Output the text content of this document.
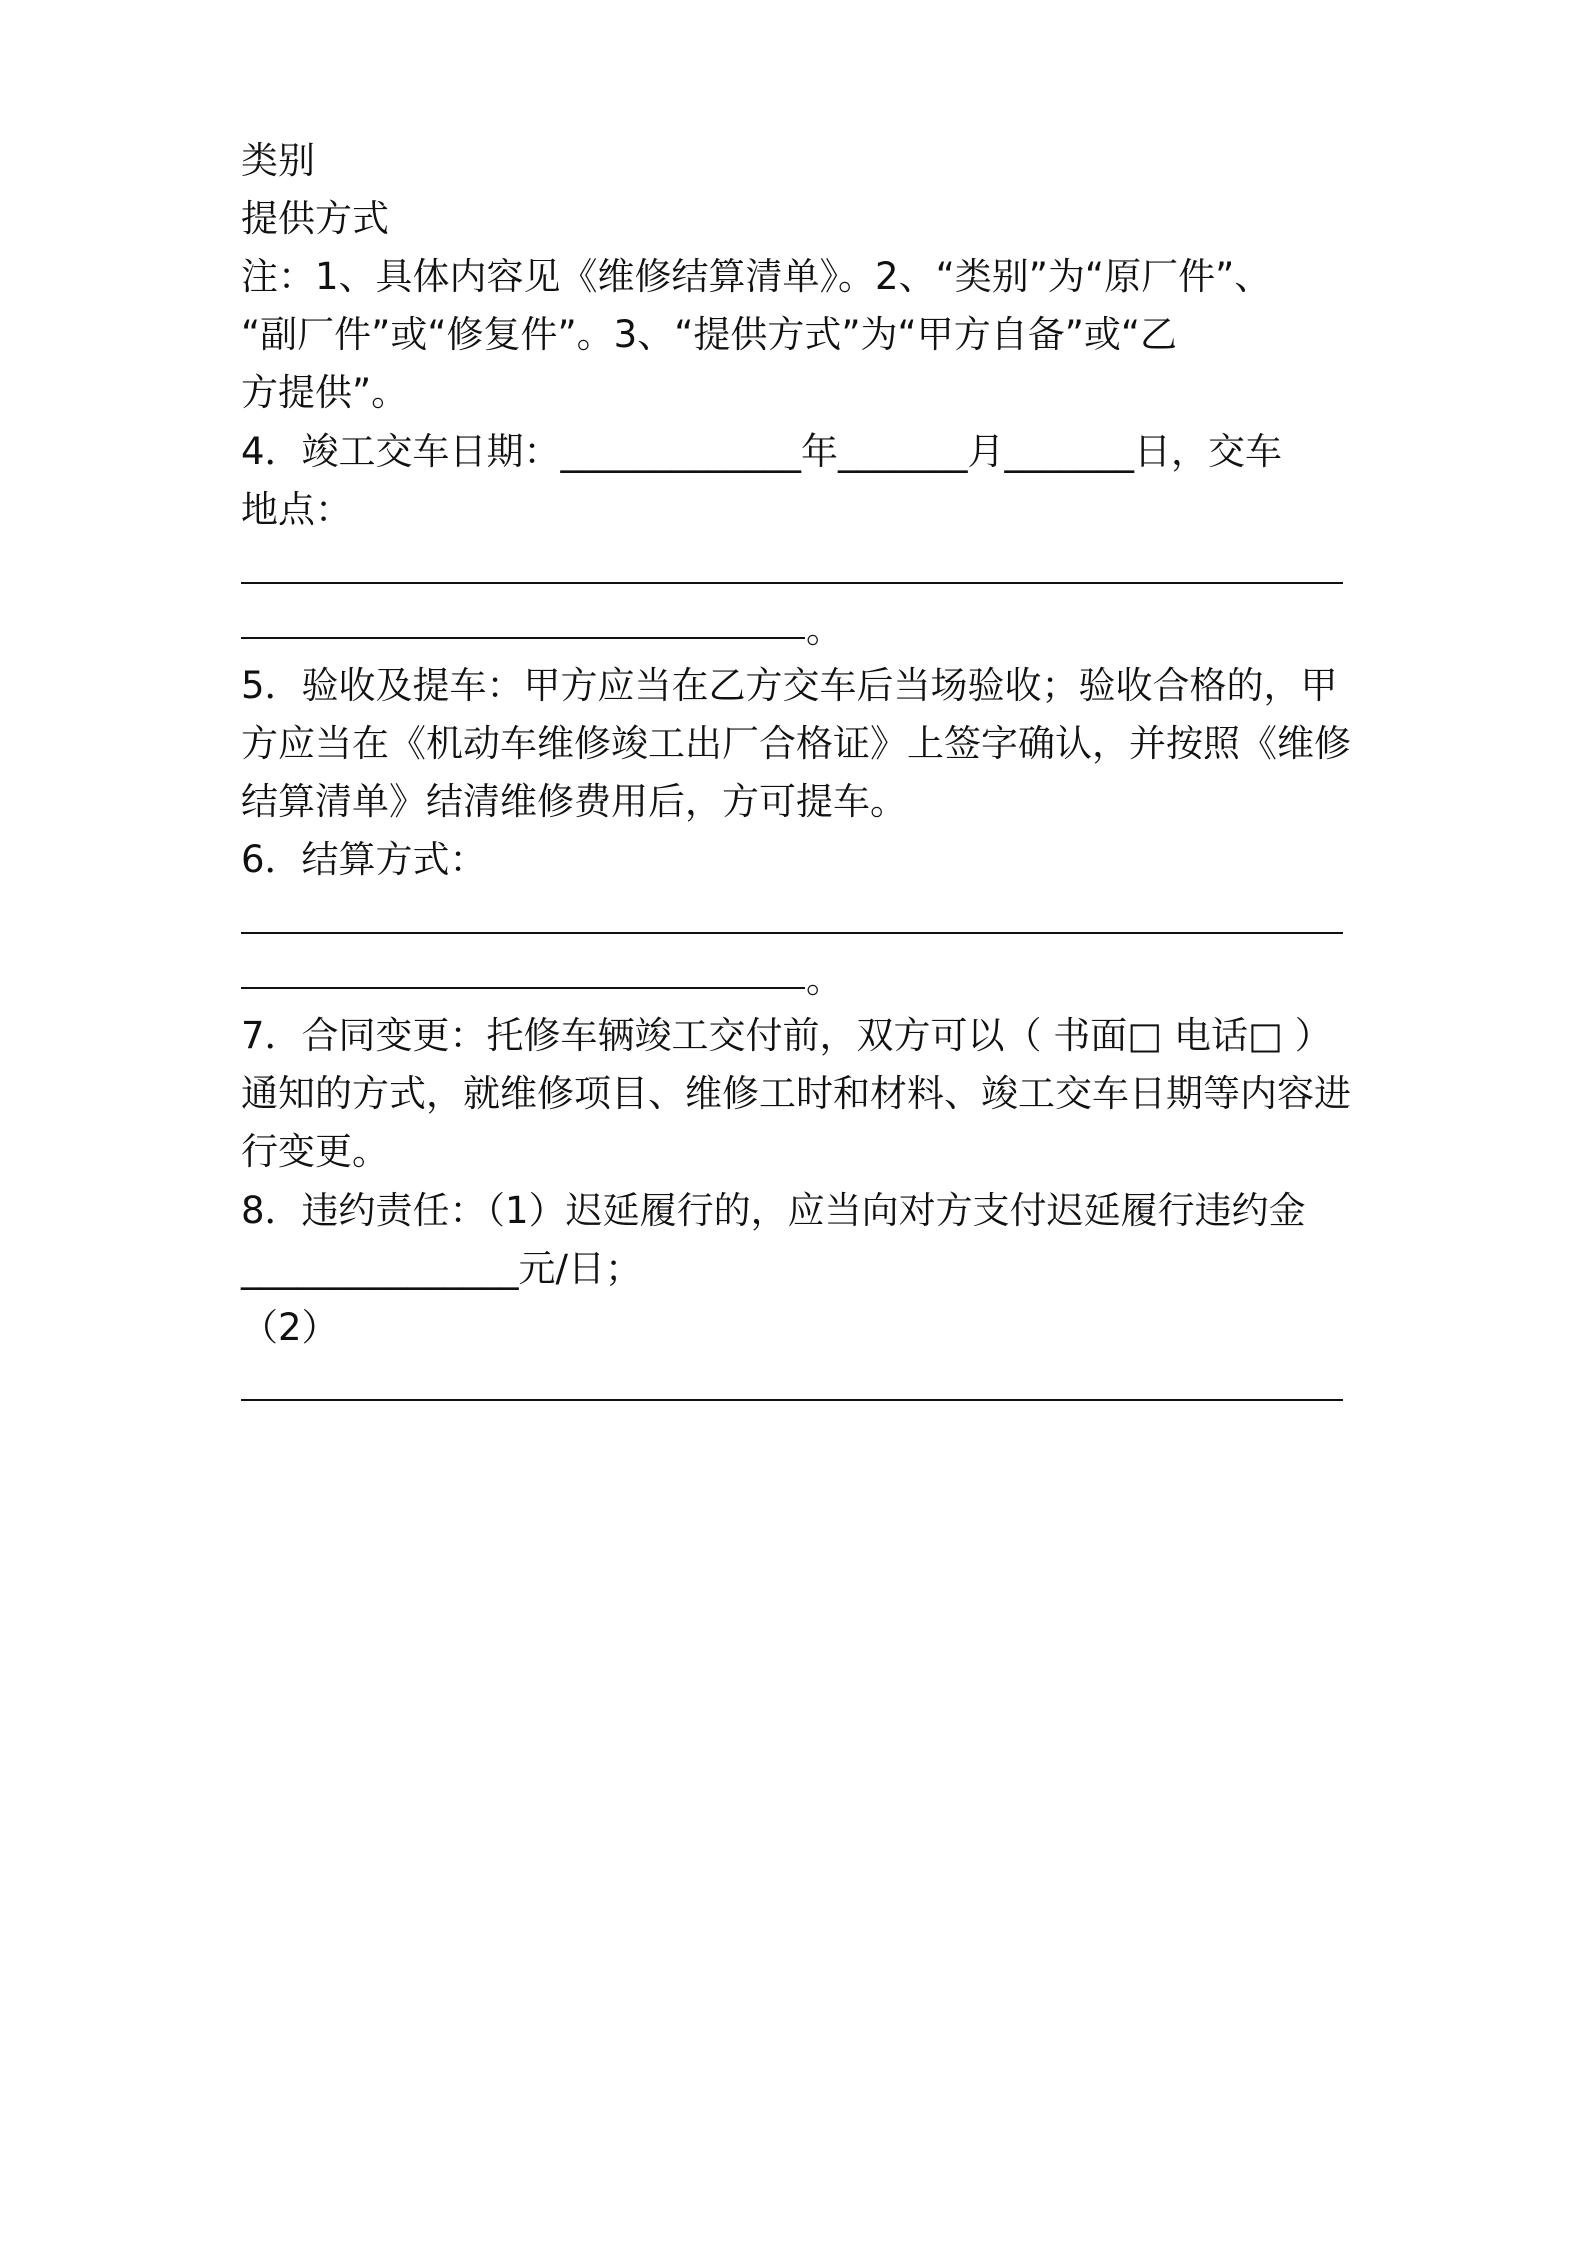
类别
提供方式
注：1、具体内容见《维修结算清单》。2、“类别”为“原厂件”、
“副厂件”或“修复件”。3、“提供方式”为“甲方自备”或“乙
方提供”。
4．竣工交车日期：_____________年_______月_______日，交车
地点：
。
5．验收及提车：甲方应当在乙方交车后当场验收；验收合格的，甲
方应当在《机动车维修竣工出厂合格证》上签字确认，并按照《维修
结算清单》结清维修费用后，方可提车。
6．结算方式：
。
7．合同变更：托修车辆竣工交付前，双方可以（ 书面□ 电话□ ）
通知的方式，就维修项目、维修工时和材料、竣工交车日期等内容进
行变更。
8．违约责任：（1）迟延履行的，应当向对方支付迟延履行违约金
_______________元/日；
（2）
